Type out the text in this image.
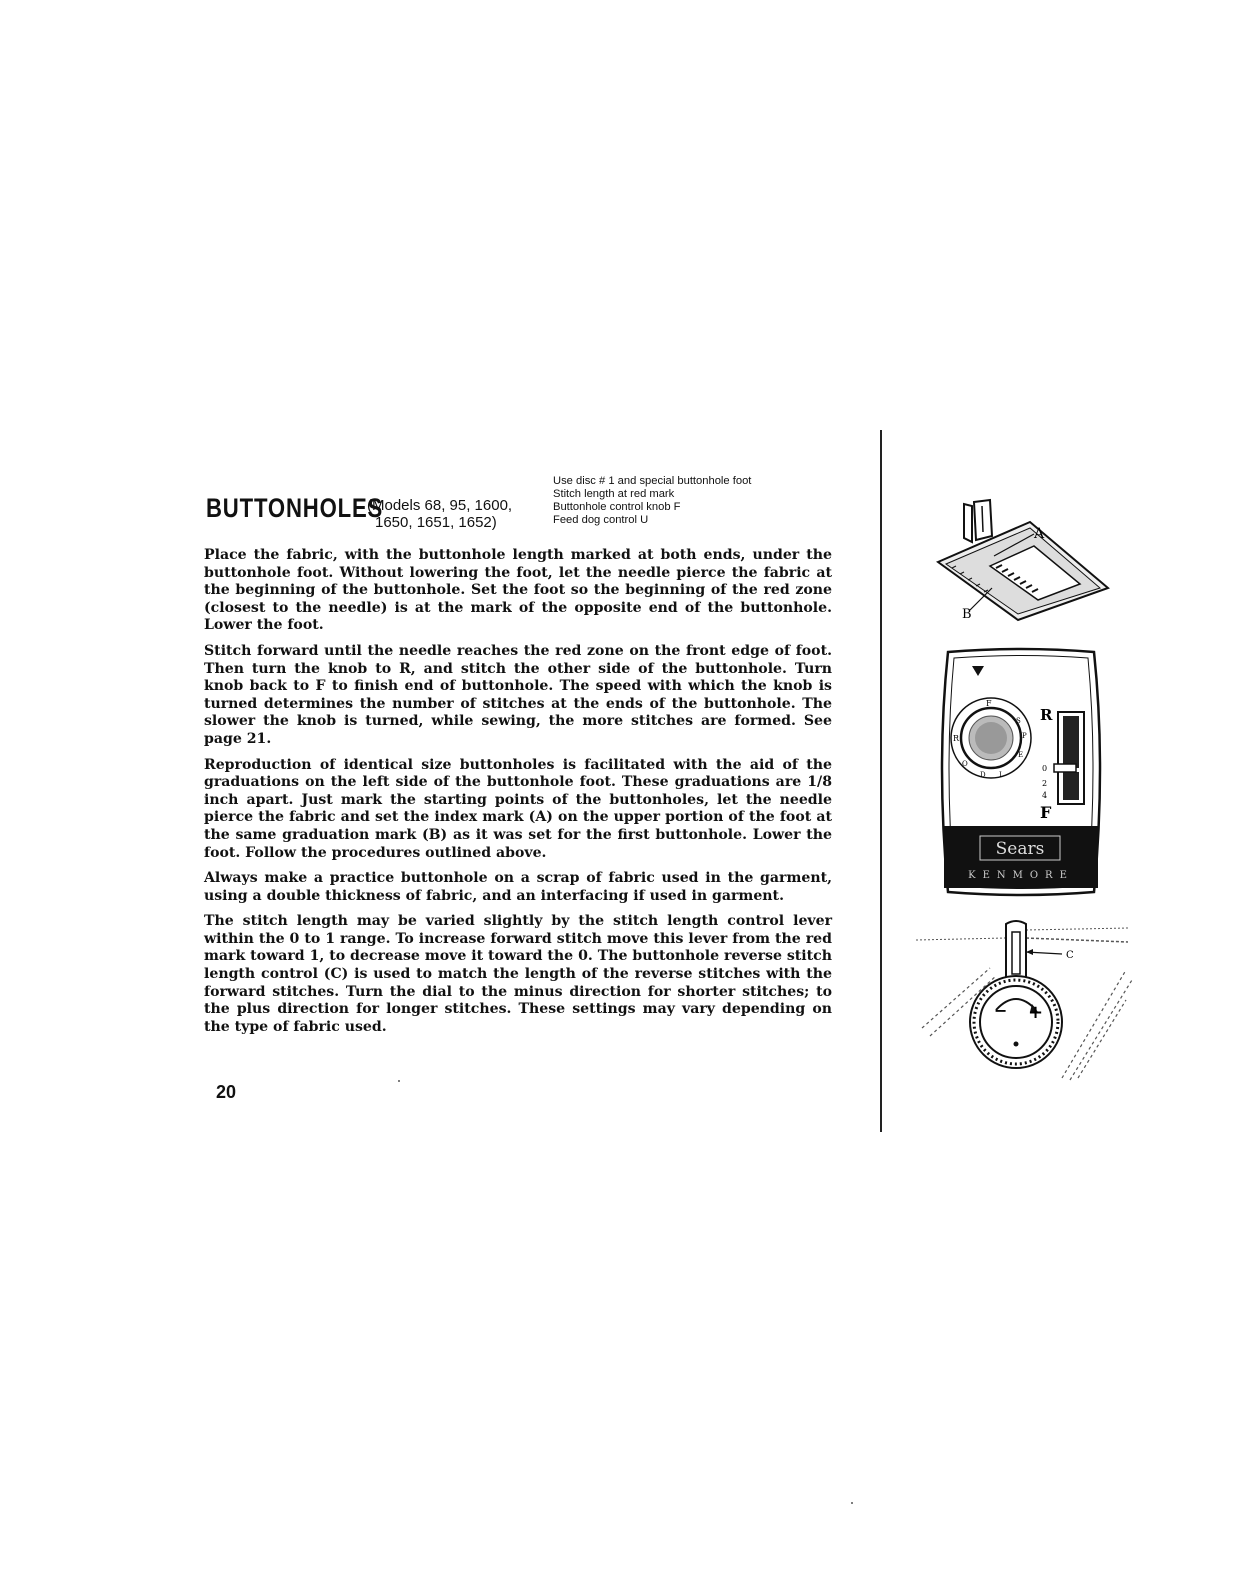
BUTTONHOLES
(Models 68, 95, 1600,
1650, 1651, 1652)
Use disc # 1 and special buttonhole foot
Stitch length at red mark
Buttonhole control knob F
Feed dog control U

Place the fabric, with the buttonhole length marked at both ends, under the buttonhole foot. Without lowering the foot, let the needle pierce the fabric at the beginning of the buttonhole. Set the foot so the beginning of the red zone (closest to the needle) is at the mark of the opposite end of the buttonhole. Lower the foot.

Stitch forward until the needle reaches the red zone on the front edge of foot. Then turn the knob to R, and stitch the other side of the buttonhole. Turn knob back to F to finish end of buttonhole. The speed with which the knob is turned determines the number of stitches at the ends of the buttonhole. The slower the knob is turned, while sewing, the more stitches are formed. See page 21.

Reproduction of identical size buttonholes is facilitated with the aid of the graduations on the left side of the buttonhole foot. These graduations are 1/8 inch apart. Just mark the starting points of the buttonholes, let the needle pierce the fabric and set the index mark (A) on the upper portion of the foot at the same graduation mark (B) as it was set for the first buttonhole. Lower the foot. Follow the procedures outlined above.

Always make a practice buttonhole on a scrap of fabric used in the garment, using a double thickness of fabric, and an interfacing if used in garment.

The stitch length may be varied slightly by the stitch length control lever within the 0 to 1 range. To increase forward stitch move this lever from the red mark toward 1, to decrease move it toward the 0. The buttonhole reverse stitch length control (C) is used to match the length of the reverse stitches with the forward stitches. Turn the dial to the minus direction for shorter stitches; to the plus direction for longer stitches. These settings may vary depending on the type of fabric used.

20
A
B
F
R
S
P
E
I
D
O
R
0
2
4
F
Sears
KENMORE
− +
C
